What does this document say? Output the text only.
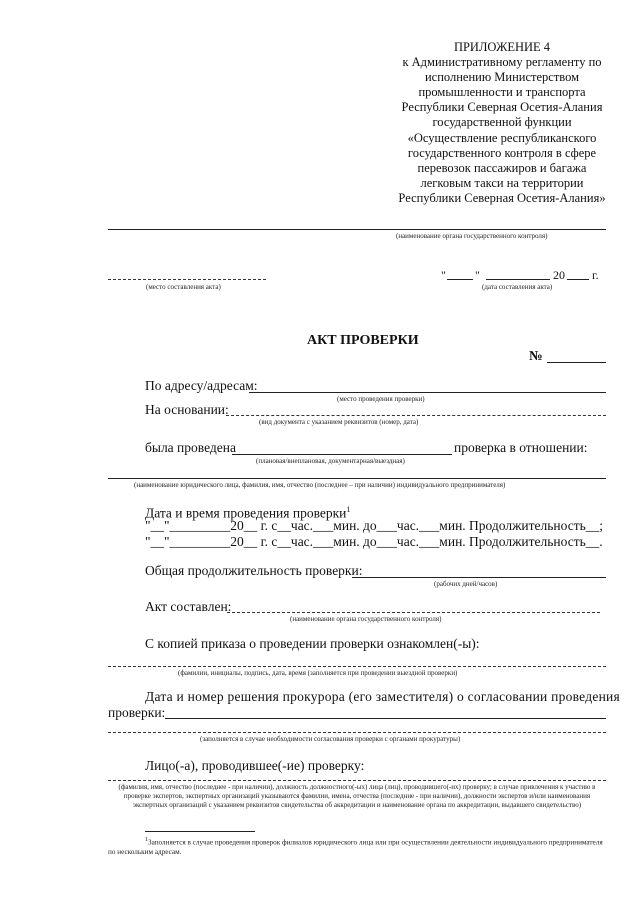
ПРИЛОЖЕНИЕ 4
к Административному регламенту по
исполнению Министерством
промышленности и транспорта
Республики Северная Осетия-Алания
государственной функции
«Осуществление республиканского
государственного контроля в сфере
перевозок пассажиров и багажа
легковым такси на территории
Республики Северная Осетия-Алания»
(наименование органа государственного контроля)
(место составления акта)
" "	20 г.
(дата составления акта)
АКТ ПРОВЕРКИ
№
По адресу/адресам:
(место проведения проверки)
На основании:
(вид документа с указанием реквизитов (номер, дата)
была проведена	проверка в отношении:
(плановая/внеплановая, документарная/выездная)
(наименование юридического лица, фамилия, имя, отчество (последнее – при наличии) индивидуального предпринимателя)
Дата и время проведения проверки$^1$
"__"_________20__ г. с__час.___мин. до___час.___мин. Продолжительность__;
"__"_________20__ г. с__час.___мин. до___час.___мин. Продолжительность__.
Общая продолжительность проверки:
(рабочих дней/часов)
Акт составлен:
(наименование органа государственного контроля)
С копией приказа о проведении проверки ознакомлен(-ы):
(фамилии, инициалы, подпись, дата, время (заполняется при проведении выездной проверки)
Дата и номер решения прокурора (его заместителя) о согласовании проведения
проверки:
(заполняется в случае необходимости согласования проверки с органами прокуратуры)
Лицо(-а), проводившее(-ие) проверку:
(фамилия, имя, отчество (последнее - при наличии), должность должностного(-ых) лица (лиц), проводившего(-их) проверку; в случае привлечения к участию в проверке экспертов, экспертных организаций указываются фамилии, имена, отчества (последние - при наличии), должности экспертов и/или наименования экспертных организаций с указанием реквизитов свидетельства об аккредитации и наименование органа по аккредитации, выдавшего свидетельство)
$^1$Заполняется в случае проведения проверок филиалов юридического лица или при осуществлении деятельности индивидуального предпринимателя по нескольким адресам.
